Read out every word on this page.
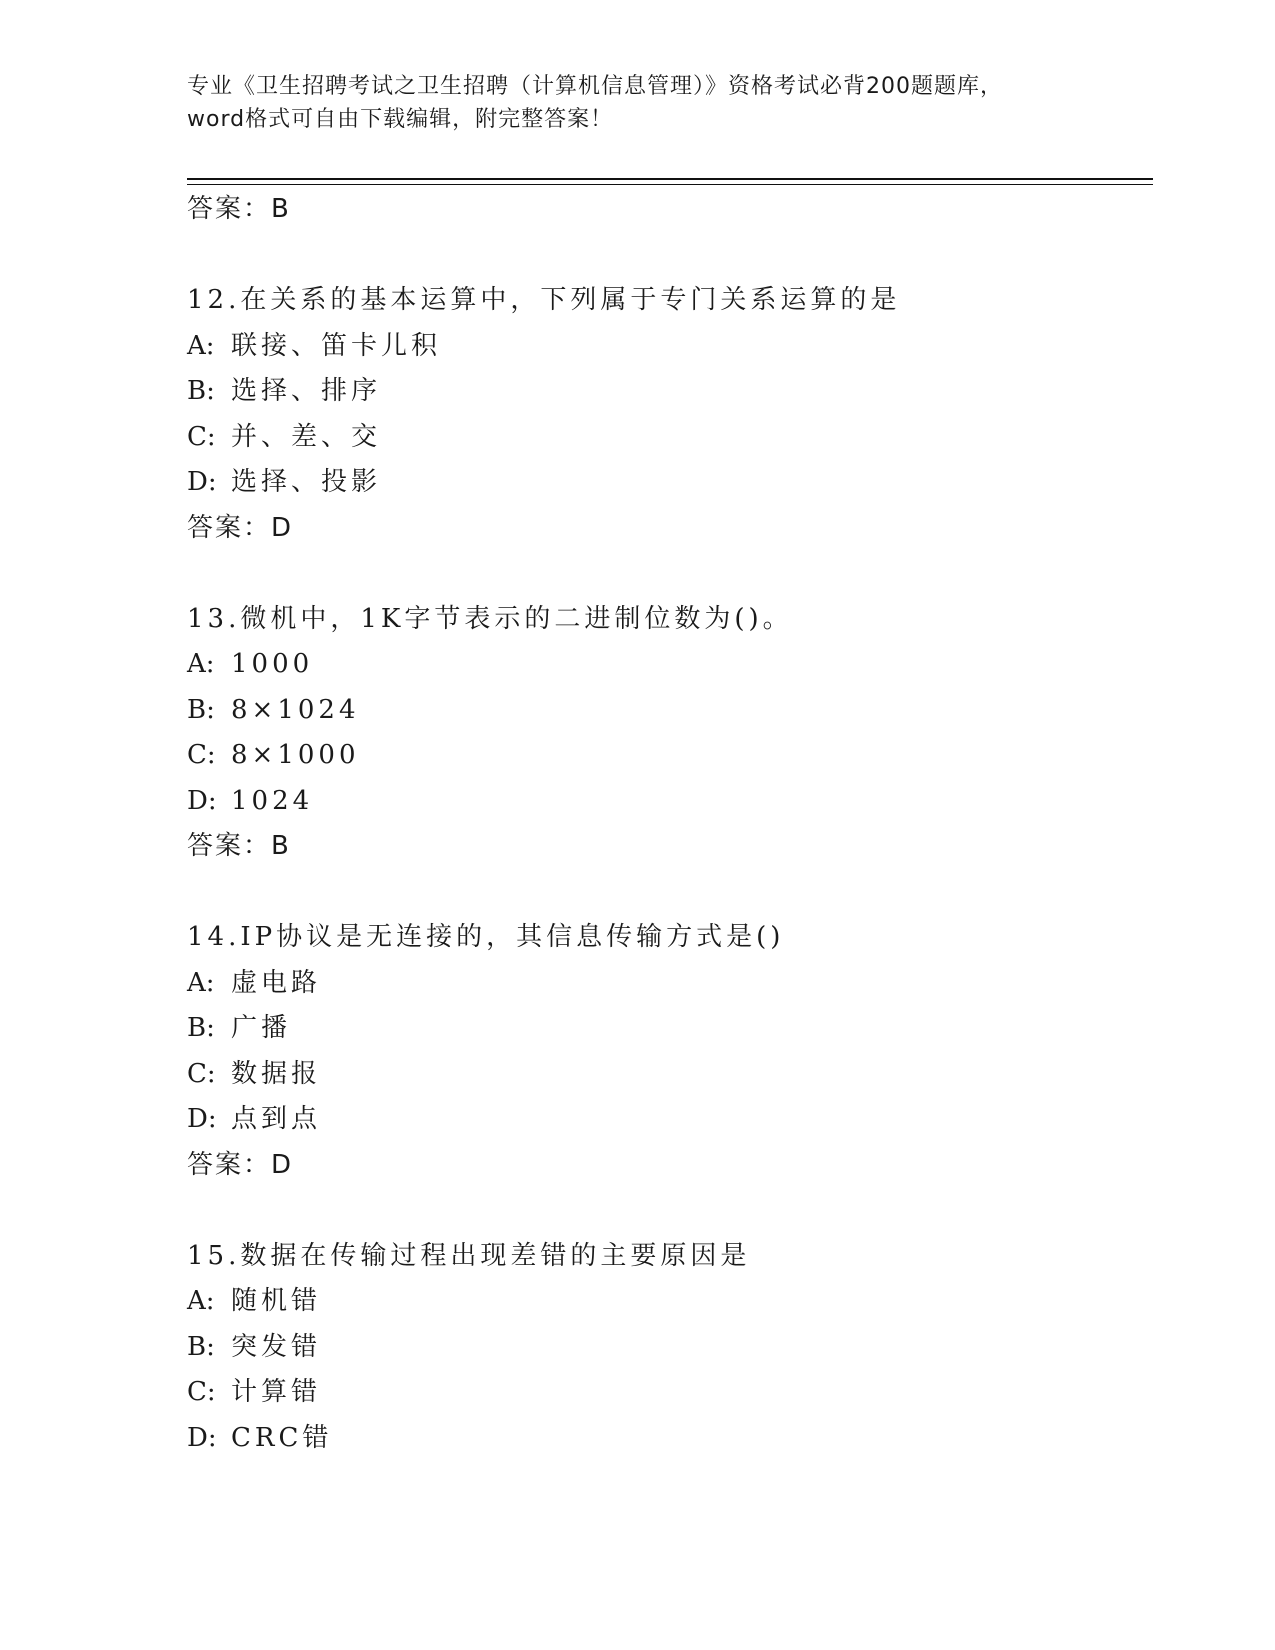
专业《卫生招聘考试之卫生招聘（计算机信息管理）》资格考试必背200题题库，
word格式可自由下载编辑，附完整答案！
答案：B
12.在关系的基本运算中，下列属于专门关系运算的是
A: 联接、笛卡儿积
B: 选择、排序
C: 并、差、交
D: 选择、投影
答案：D
13.微机中，1K字节表示的二进制位数为()。
A: 1000
B: 8×1024
C: 8×1000
D: 1024
答案：B
14.IP协议是无连接的，其信息传输方式是()
A: 虚电路
B: 广播
C: 数据报
D: 点到点
答案：D
15.数据在传输过程出现差错的主要原因是
A: 随机错
B: 突发错
C: 计算错
D: CRC错
